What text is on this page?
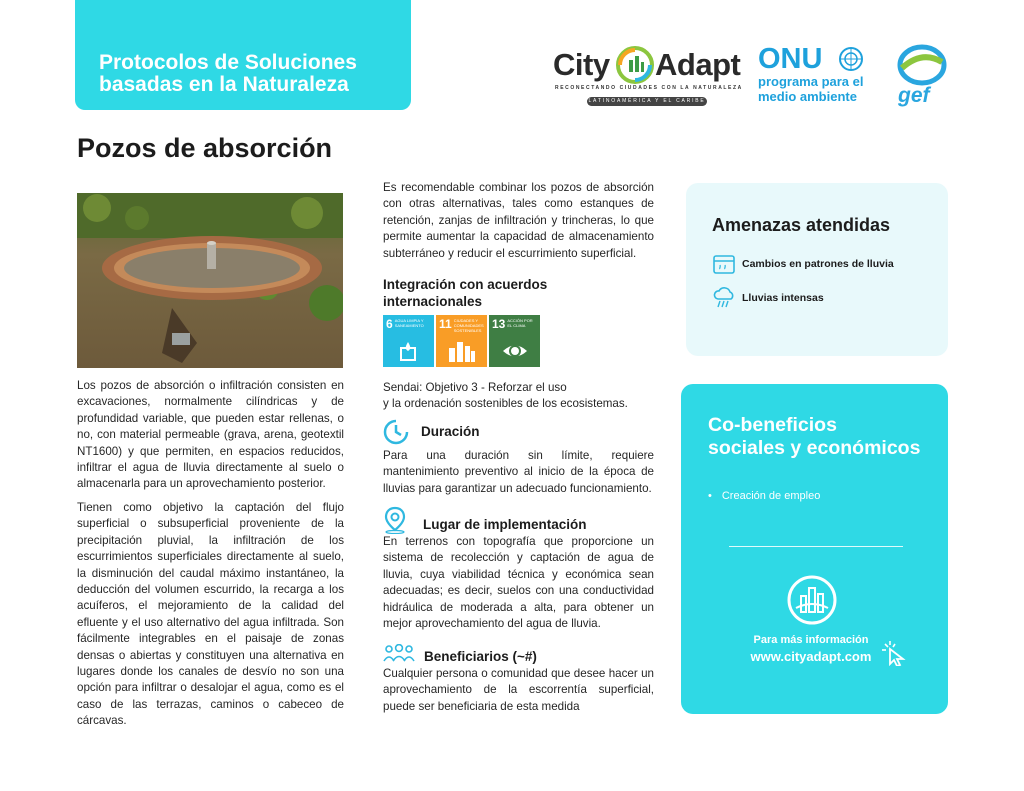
Protocolos de Soluciones
basadas en la Naturaleza
City Adapt
RECONECTANDO CIUDADES CON LA NATURALEZA
LATINOAMÉRICA Y EL CARIBE
ONU
programa para el
medio ambiente	gef
Pozos de absorción
Los pozos de absorción o infiltración consisten en excavaciones, normalmente cilíndricas y de profundidad variable, que pueden estar rellenas, o no, con material permeable (grava, arena, geotextil NT1600) y que permiten, en espacios reducidos, infiltrar el agua de lluvia directamente al suelo o almacenarla para un aprovechamiento posterior.
Tienen como objetivo la captación del flujo superficial o subsuperficial proveniente de la precipitación pluvial, la infiltración de los escurrimientos superficiales directamente al suelo, la disminución del caudal máximo instantáneo, la deducción del volumen escurrido, la recarga a los acuíferos, el mejoramiento de la calidad del efluente y el uso alternativo del agua infiltrada. Son fácilmente integrables en el paisaje de zonas densas o abiertas y constituyen una alternativa en lugares donde los canales de desvío no son una opción para infiltrar o desalojar el agua, como es el caso de las terrazas, caminos o cabeceo de cárcavas.
Es recomendable combinar los pozos de absorción con otras alternativas, tales como estanques de retención, zanjas de infiltración y trincheras, lo que permite aumentar la capacidad de almacenamiento subterráneo y reducir el escurrimiento superficial.
Integración con acuerdos
internacionales
6 AGUA LIMPIA Y SANEAMIENTO	11 CIUDADES Y COMUNIDADES SOSTENIBLES 13 ACCIÓN POR EL CLIMA
Sendai: Objetivo 3 - Reforzar el uso
y la ordenación sostenibles de los ecosistemas.
Duración
Para una duración sin límite, requiere mantenimiento preventivo al inicio de la época de lluvias para garantizar un adecuado funcionamiento.
Lugar de implementación
En terrenos con topografía que proporcione un sistema de recolección y captación de agua de lluvia, cuya viabilidad técnica y económica sean adecuadas; es decir, suelos con una conductividad hidráulica de moderada a alta, para obtener un mejor aprovechamiento del agua de lluvia.
Beneficiarios (~#)
Cualquier persona o comunidad que desee hacer un aprovechamiento de la escorrentía superficial, puede ser beneficiaria de esta medida
Amenazas atendidas
Cambios en patrones de lluvia
Lluvias intensas
Co-beneficios
sociales y económicos
• Creación de empleo
Para más información
www.cityadapt.com
